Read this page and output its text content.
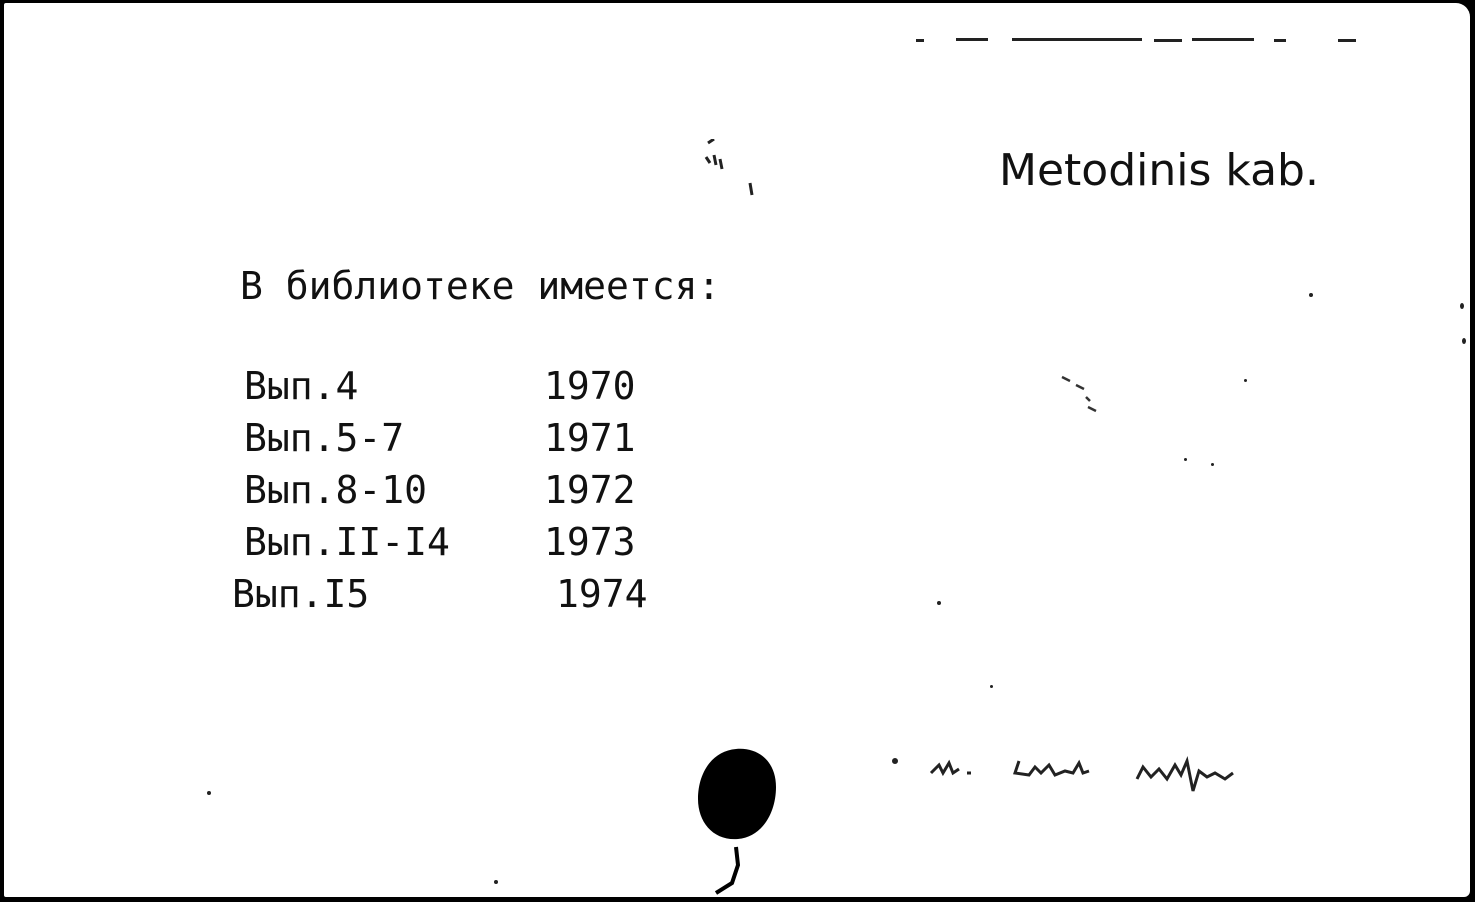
Metodinis kab.
В библиотеке имеется:
Вып.4	1970
Вып.5-7	1971
Вып.8-10	1972
Вып.II-I4 1973
Вып.I5	1974
